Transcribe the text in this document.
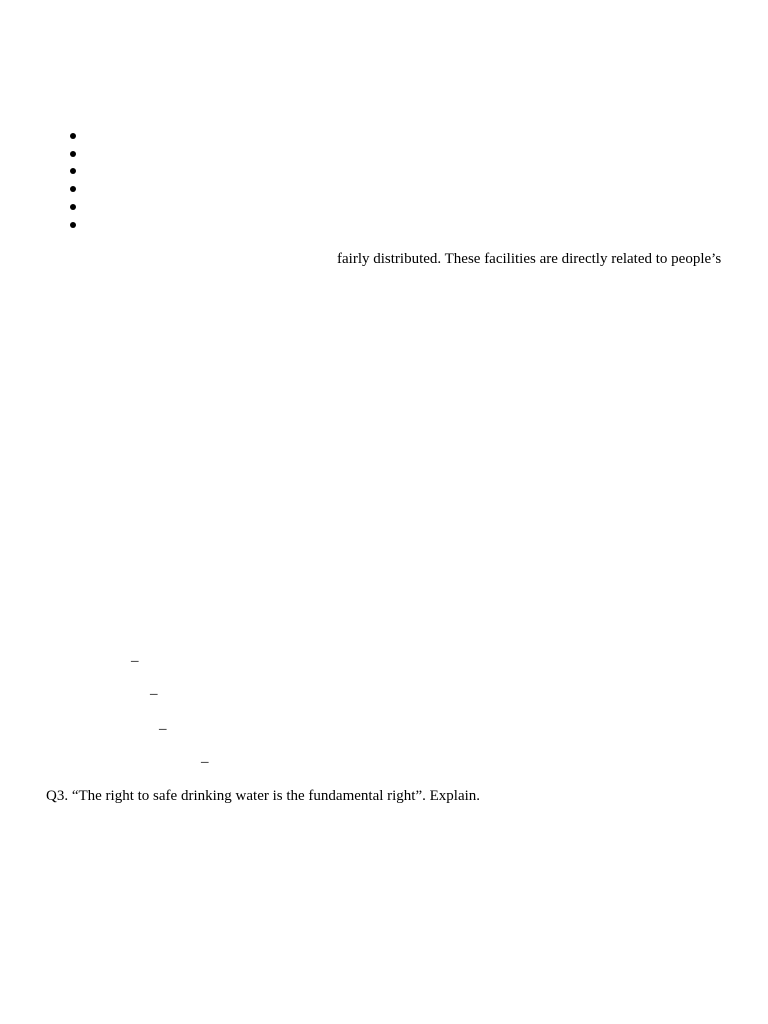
fairly distributed. These facilities are directly related to people’s
–
–
–
–
Q3. “The right to safe drinking water is the fundamental right”. Explain.
